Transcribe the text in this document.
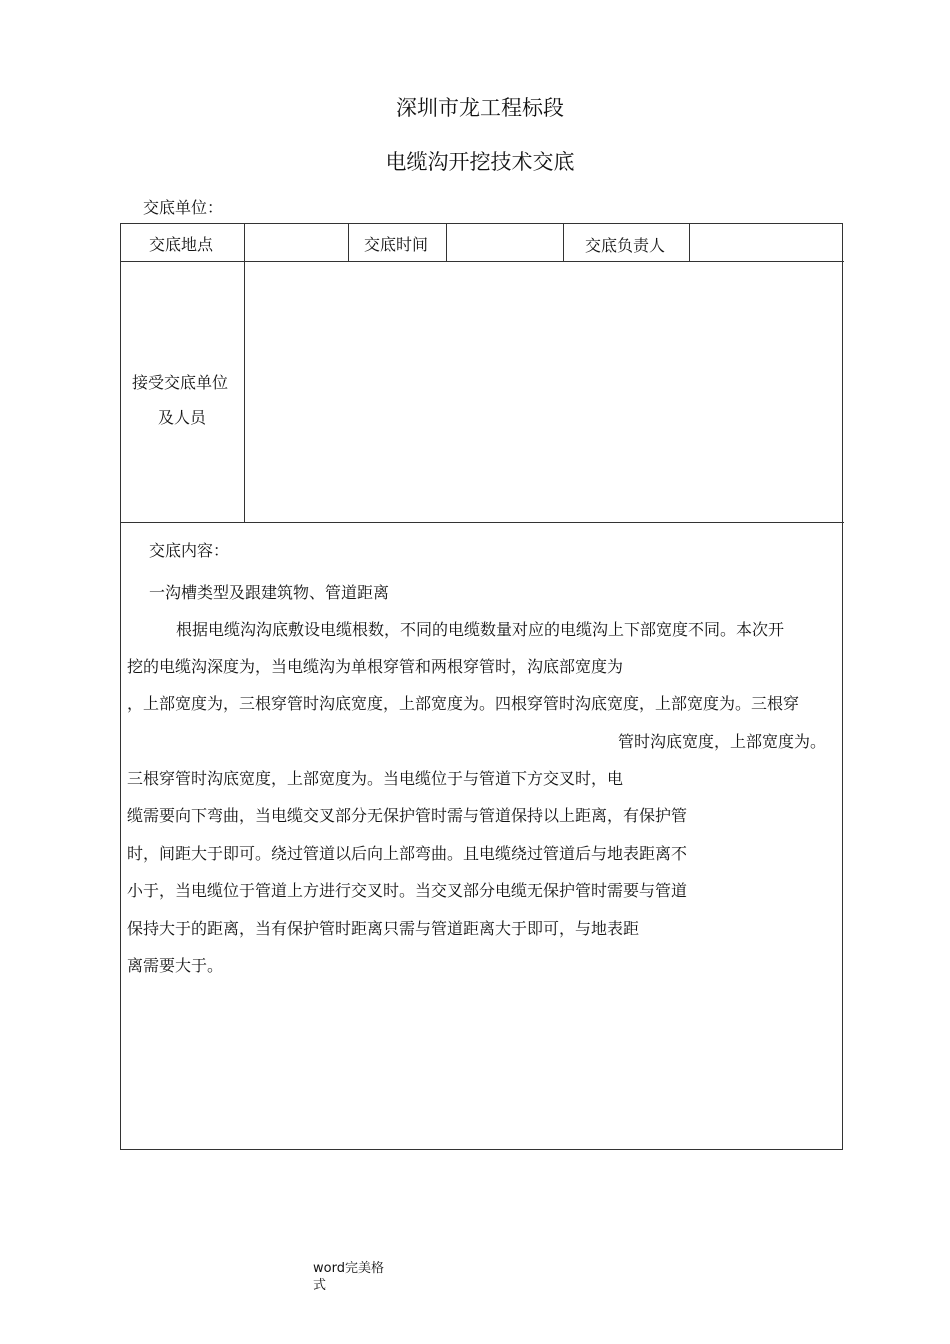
深圳市龙工程标段
电缆沟开挖技术交底
交底单位：
交底地点	交底时间	交底负责人
接受交底单位
及人员
交底内容：
一沟槽类型及跟建筑物、管道距离
根据电缆沟沟底敷设电缆根数，不同的电缆数量对应的电缆沟上下部宽度不同。本次开
挖的电缆沟深度为，当电缆沟为单根穿管和两根穿管时，沟底部宽度为
，上部宽度为，三根穿管时沟底宽度，上部宽度为。四根穿管时沟底宽度，上部宽度为。三根穿
管时沟底宽度，上部宽度为。
三根穿管时沟底宽度，上部宽度为。当电缆位于与管道下方交叉时，电
缆需要向下弯曲，当电缆交叉部分无保护管时需与管道保持以上距离，有保护管
时，间距大于即可。绕过管道以后向上部弯曲。且电缆绕过管道后与地表距离不
小于，当电缆位于管道上方进行交叉时。当交叉部分电缆无保护管时需要与管道
保持大于的距离，当有保护管时距离只需与管道距离大于即可，与地表距
离需要大于。
word完美格
式
